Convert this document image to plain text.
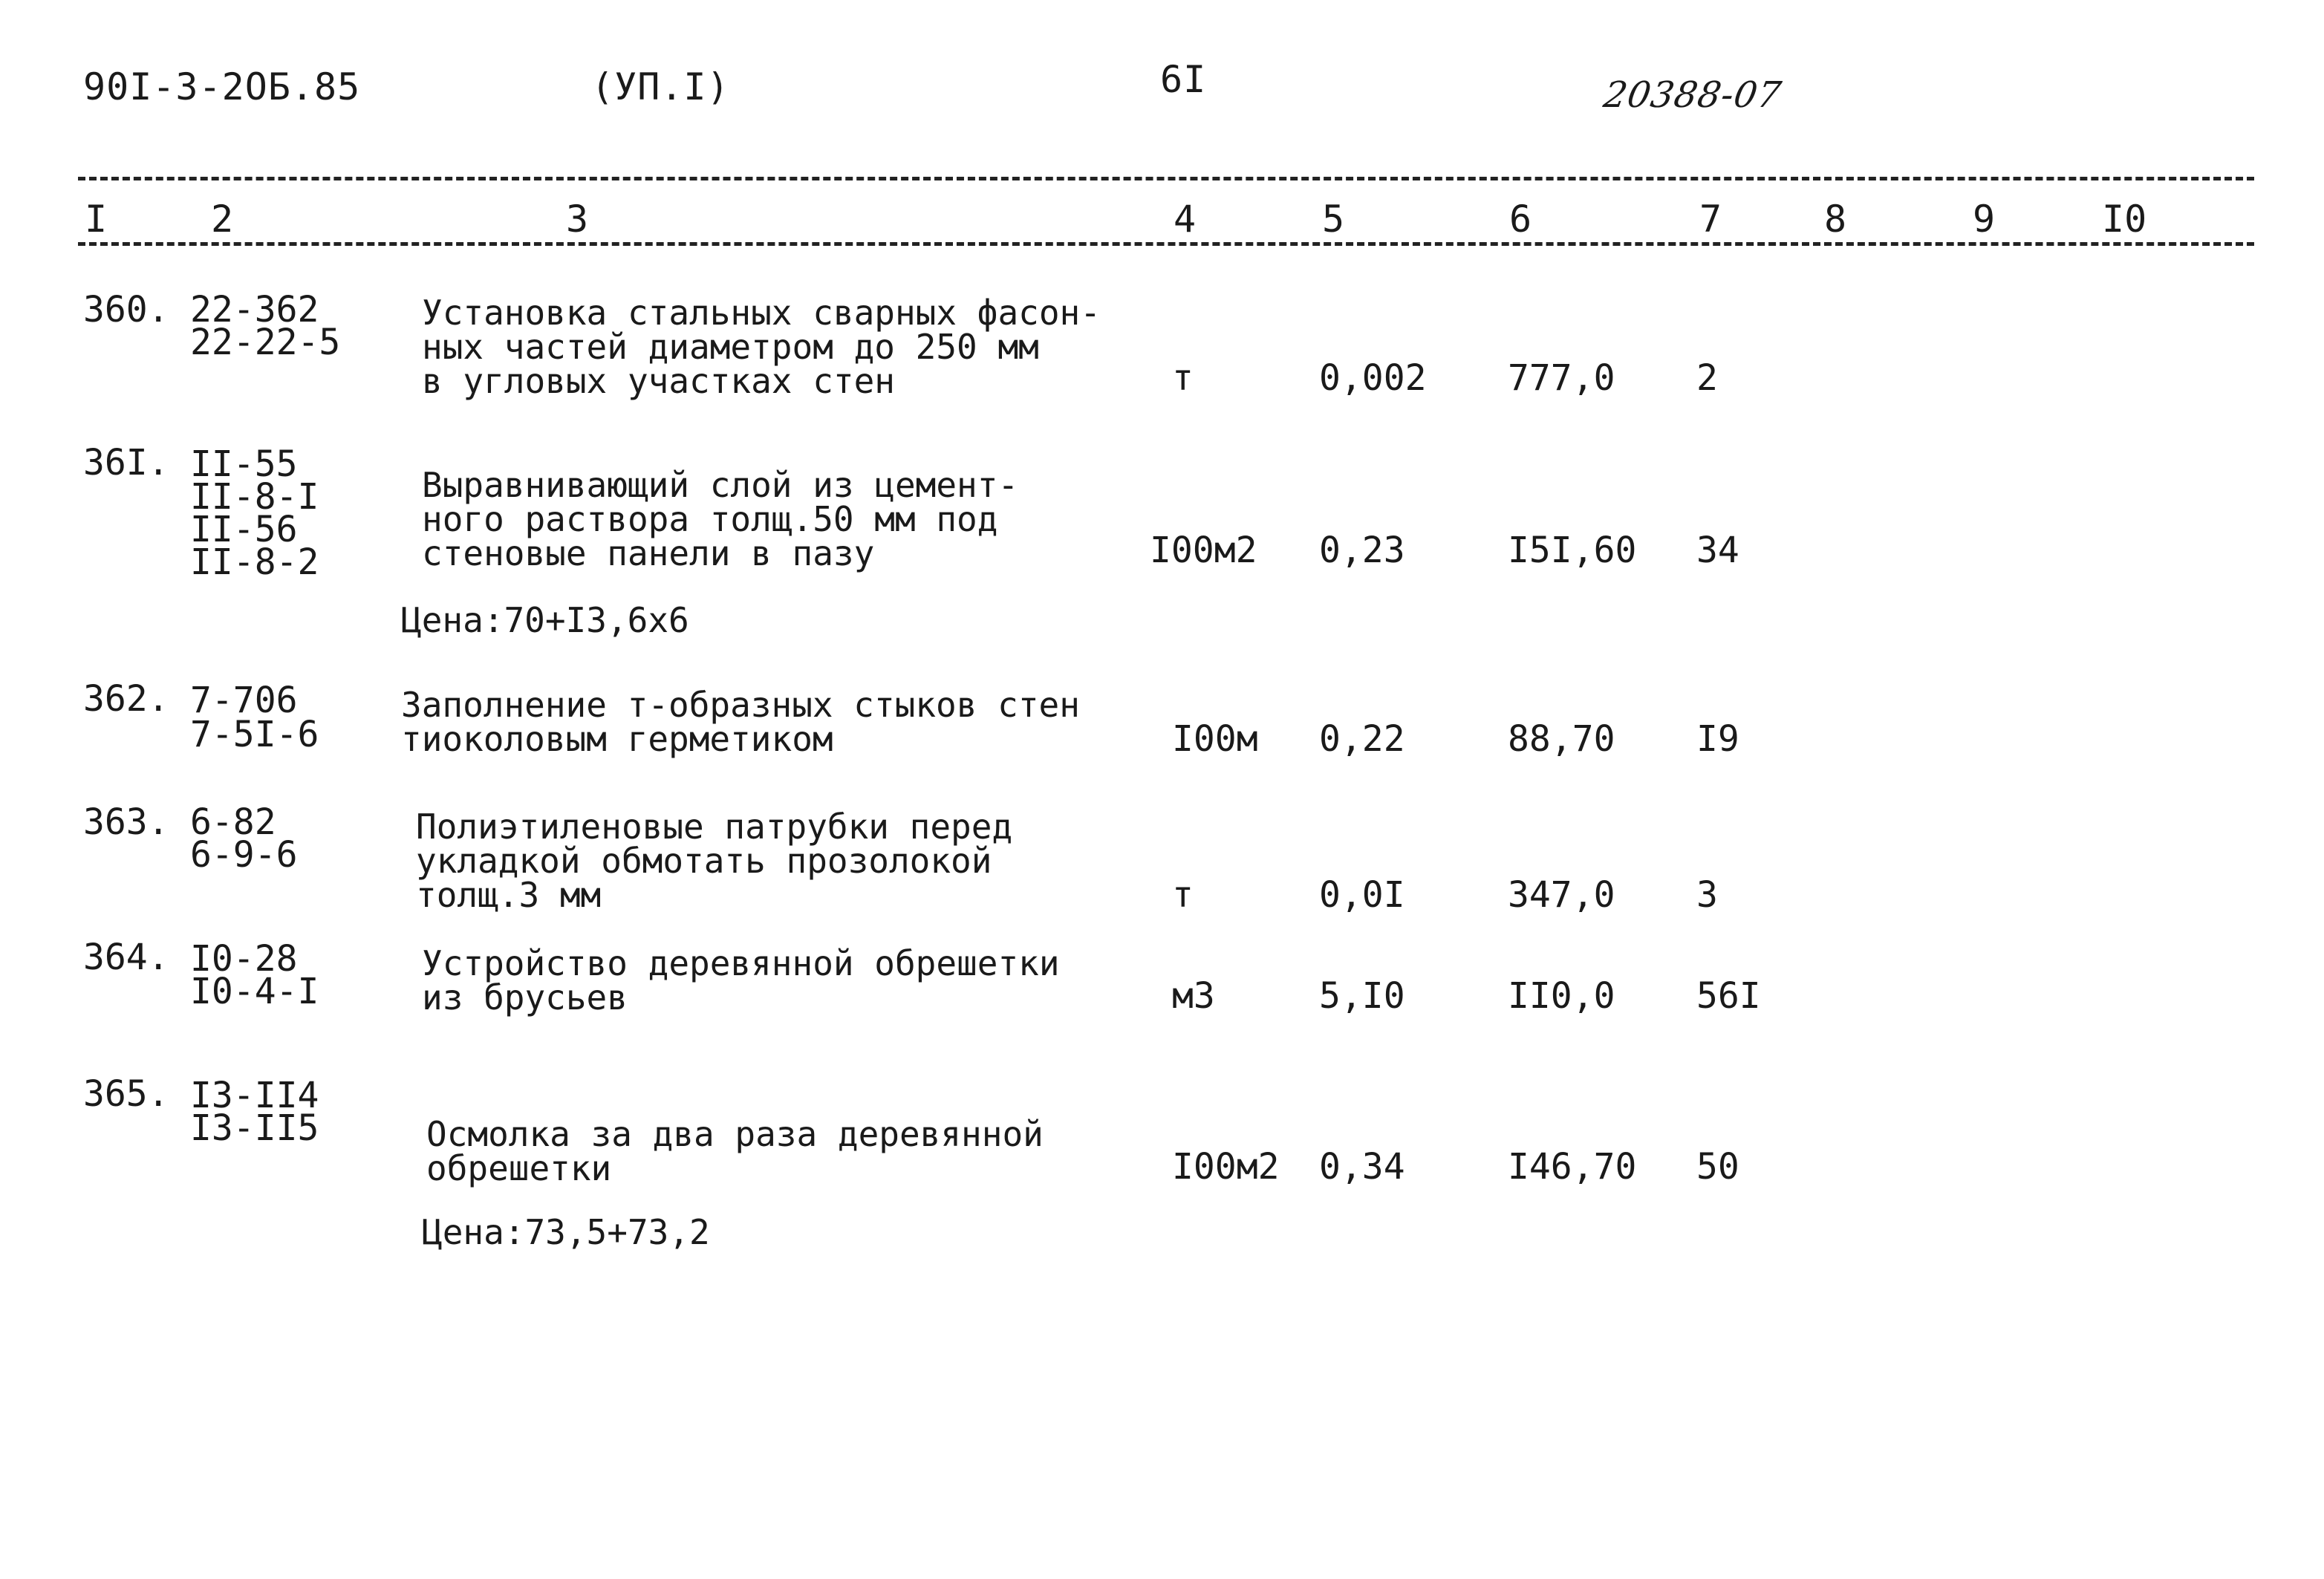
90I-3-2ОБ.85	(УП.I)	6I	20388-07
I	2	3	4	5	6	7	8	9	I0
360. 22-362
22-22-5
Установка стальных сварных фасон-
ных частей диаметром до 250 мм
в угловых участках стен	т	0,002 777,0 2
36I. II-55
II-8-I
II-56
II-8-2
Выравнивающий слой из цемент-
ного раствора толщ.50 мм под
стеновые панели в пазу	I00м2 0,23	I5I,60 34
Цена:70+I3,6х6
362. 7-706
7-5I-6
Заполнение т-образных стыков стен
тиоколовым герметиком	I00м 0,22	88,70 I9
363. 6-82
6-9-6
Полиэтиленовые патрубки перед
укладкой обмотать прозолокой
толщ.3 мм	т	0,0I	347,0 3
364. I0-28
I0-4-I
Устройство деревянной обрешетки
из брусьев	м3	5,I0	II0,0 56I
365. I3-II4
I3-II5	Осмолка за два раза деревянной
обрешетки	I00м2 0,34	I46,70 50
Цена:73,5+73,2
